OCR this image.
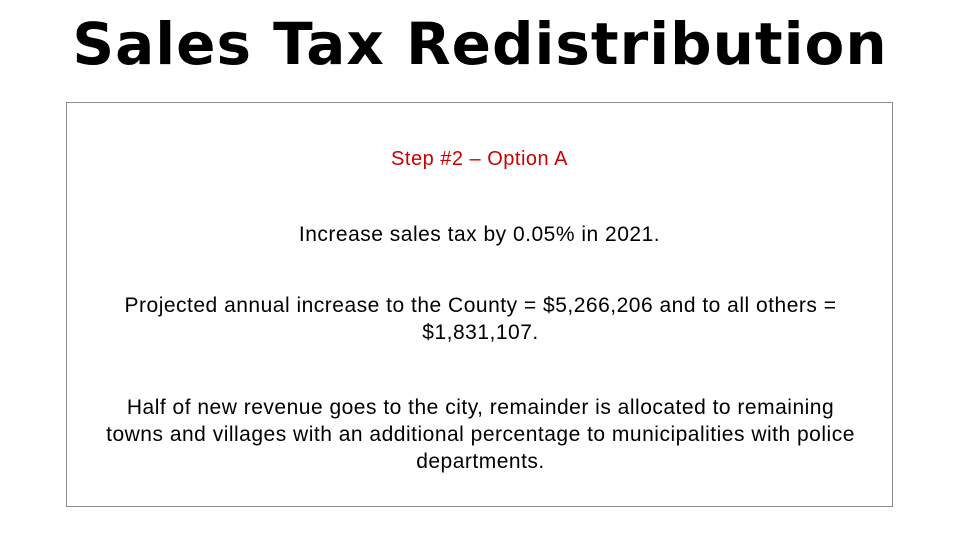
Sales Tax Redistribution

Step #2 – Option A

Increase sales tax by 0.05% in 2021.

Projected annual increase to the County = $5,266,206 and to all others = $1,831,107.

Half of new revenue goes to the city, remainder is allocated to remaining towns and villages with an additional percentage to municipalities with police departments.
